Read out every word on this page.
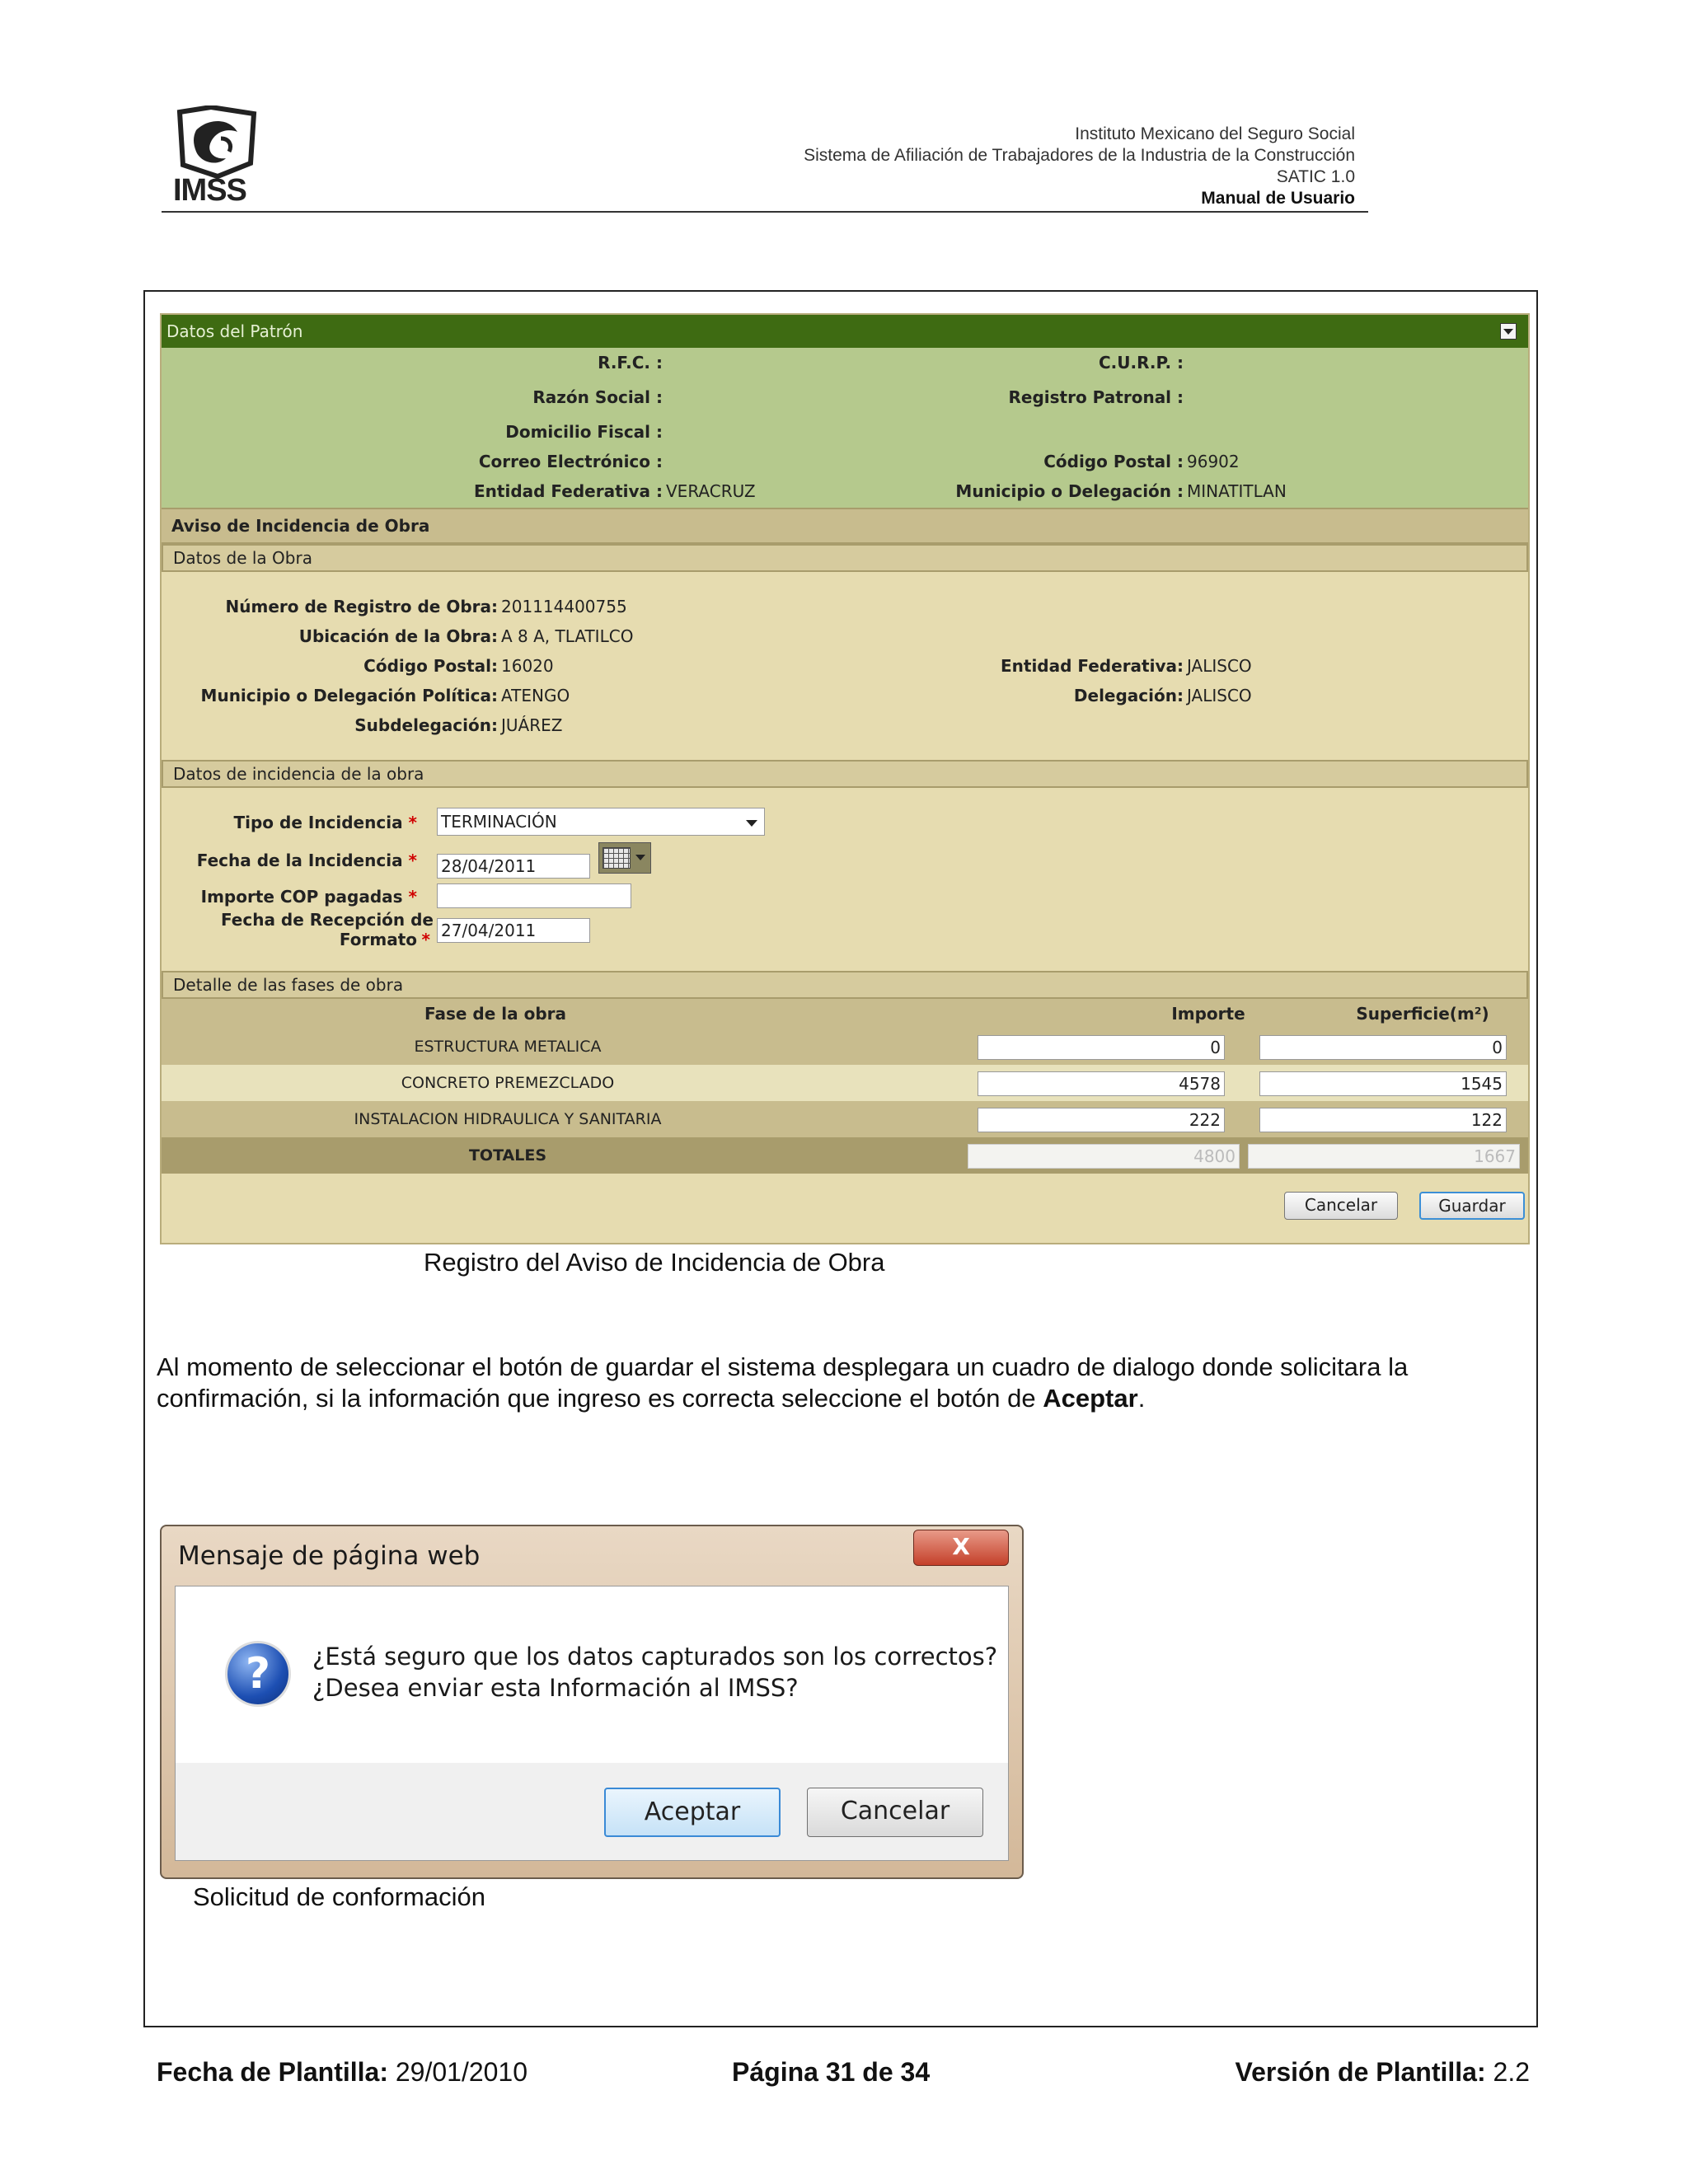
IMSS
Instituto Mexicano del Seguro Social
Sistema de Afiliación de Trabajadores de la Industria de la Construcción
SATIC 1.0
Manual de Usuario
Datos del Patrón
R.F.C. :	C.U.R.P. :
Razón Social :	Registro Patronal :
Domicilio Fiscal :
Correo Electrónico :	Código Postal : 96902
Entidad Federativa : VERACRUZ	Municipio o Delegación : MINATITLAN
Aviso de Incidencia de Obra
Datos de la Obra
Número de Registro de Obra: 201114400755
Ubicación de la Obra: A 8 A, TLATILCO
Código Postal: 16020	Entidad Federativa: JALISCO
Municipio o Delegación Política: ATENGO	Delegación: JALISCO
Subdelegación: JUÁREZ
Datos de incidencia de la obra
Tipo de Incidencia * TERMINACIÓN
Fecha de la Incidencia * 28/04/2011
Importe COP pagadas *
Fecha de Recepción de
Formato * 27/04/2011
Detalle de las fases de obra
Fase de la obra	Importe	Superficie(m²)
ESTRUCTURA METALICA	0	0
CONCRETO PREMEZCLADO	4578	1545
INSTALACION HIDRAULICA Y SANITARIA	222	122
TOTALES	4800	1667
Cancelar	Guardar
Registro del Aviso de Incidencia de Obra
Al momento de seleccionar el botón de guardar el sistema desplegara un cuadro de dialogo donde solicitara la confirmación, si la información que ingreso es correcta seleccione el botón de Aceptar.
Mensaje de página web	X
?	¿Está seguro que los datos capturados son los correctos?
¿Desea enviar esta Información al IMSS?
Aceptar	Cancelar
Solicitud de conformación
Fecha de Plantilla: 29/01/2010	Página 31 de 34	Versión de Plantilla: 2.2
